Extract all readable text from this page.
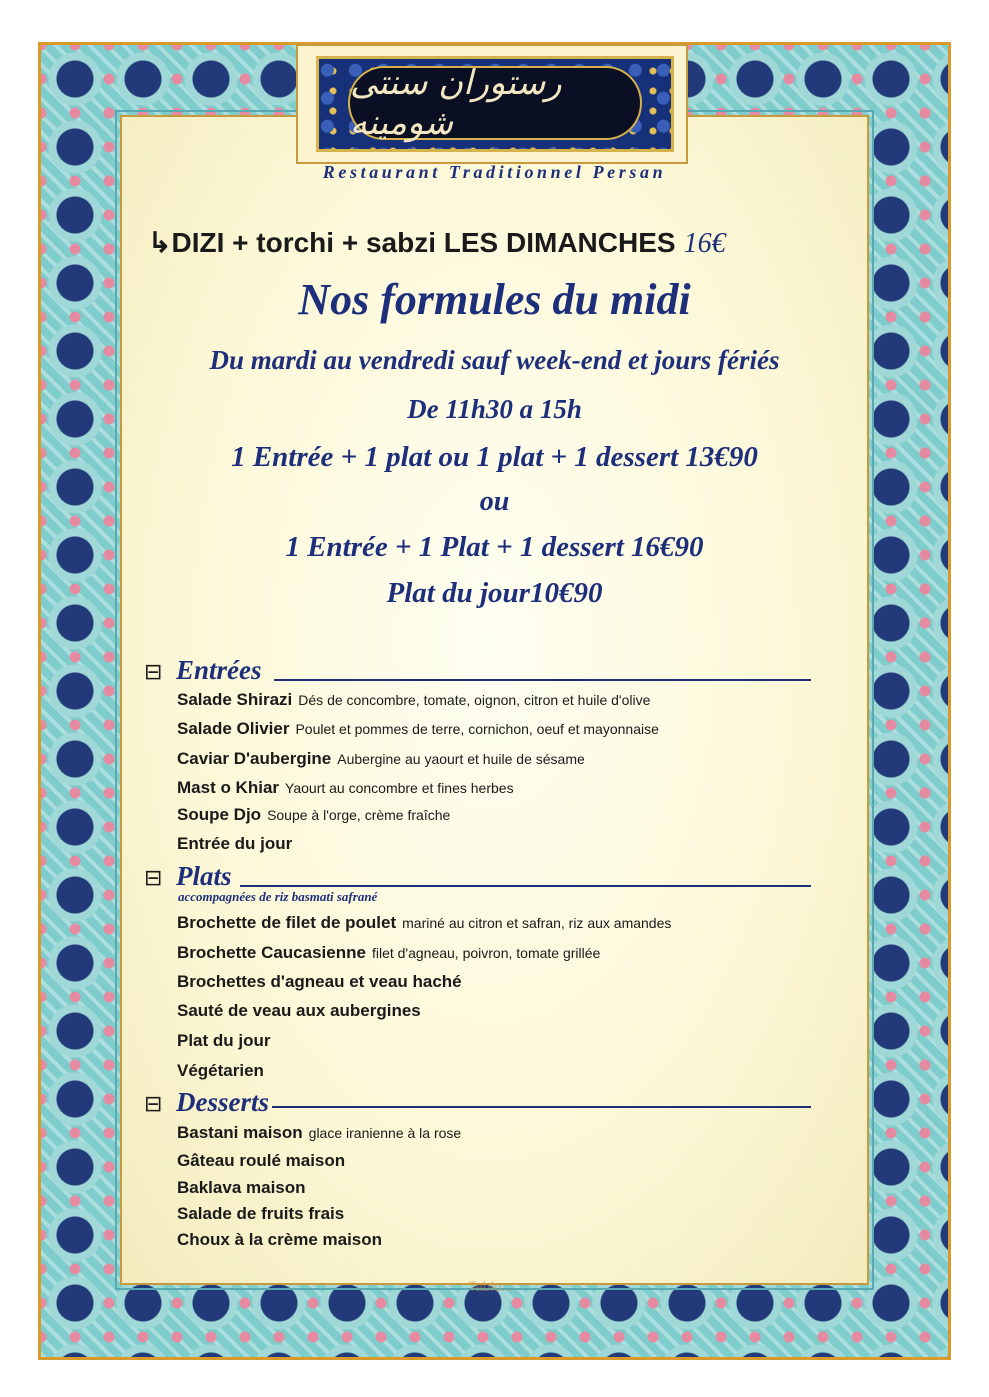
رستوران سنتی شومینه
Restaurant Traditionnel Persan
↳DIZI + torchi + sabzi LES DIMANCHES 16€
Nos formules du midi
Du mardi au vendredi sauf week-end et jours fériés
De 11h30 a 15h
1 Entrée + 1 plat ou 1 plat + 1 dessert 13€90
ou
1 Entrée + 1 Plat + 1 dessert 16€90
Plat du jour10€90
⊟ Entrées
Salade Shirazi Dés de concombre, tomate, oignon, citron et huile d'olive
Salade Olivier Poulet et pommes de terre, cornichon, oeuf et mayonnaise
Caviar D'aubergine Aubergine au yaourt et huile de sésame
Mast o Khiar Yaourt au concombre et fines herbes
Soupe Djo Soupe à l'orge, crème fraîche
Entrée du jour
⊟ Plats
accompagnées de riz basmati safrané
Brochette de filet de poulet mariné au citron et safran, riz aux amandes
Brochette Caucasienne filet d'agneau, poivron, tomate grillée
Brochettes d'agneau et veau haché
Sauté de veau aux aubergines
Plat du jour
Végétarien
⊟ Desserts
Bastani maison glace iranienne à la rose
Gâteau roulé maison
Baklava maison
Salade de fruits frais
Choux à la crème maison
Tablo...
